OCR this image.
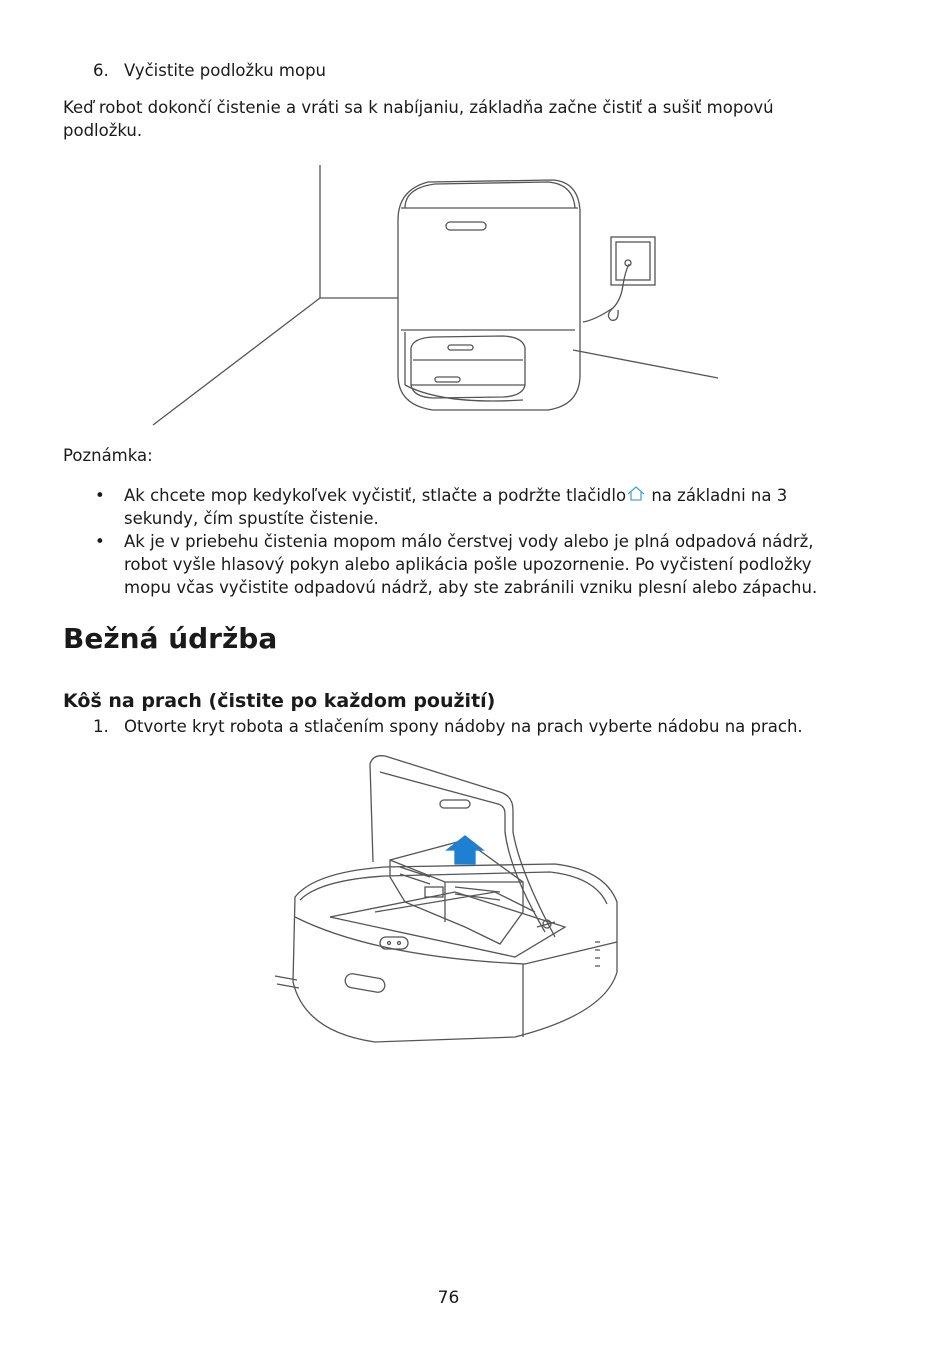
6. Vyčistite podložku mopu
Keď robot dokončí čistenie a vráti sa k nabíjaniu, základňa začne čistiť a sušiť mopovú podložku.
Poznámka:
• Ak chcete mop kedykoľvek vyčistiť, stlačte a podržte tlačidlo na základni na 3 sekundy, čím spustíte čistenie.
• Ak je v priebehu čistenia mopom málo čerstvej vody alebo je plná odpadová nádrž, robot vyšle hlasový pokyn alebo aplikácia pošle upozornenie. Po vyčistení podložky mopu včas vyčistite odpadovú nádrž, aby ste zabránili vzniku plesní alebo zápachu.
Bežná údržba
Kôš na prach (čistite po každom použití)
1. Otvorte kryt robota a stlačením spony nádoby na prach vyberte nádobu na prach.
76
